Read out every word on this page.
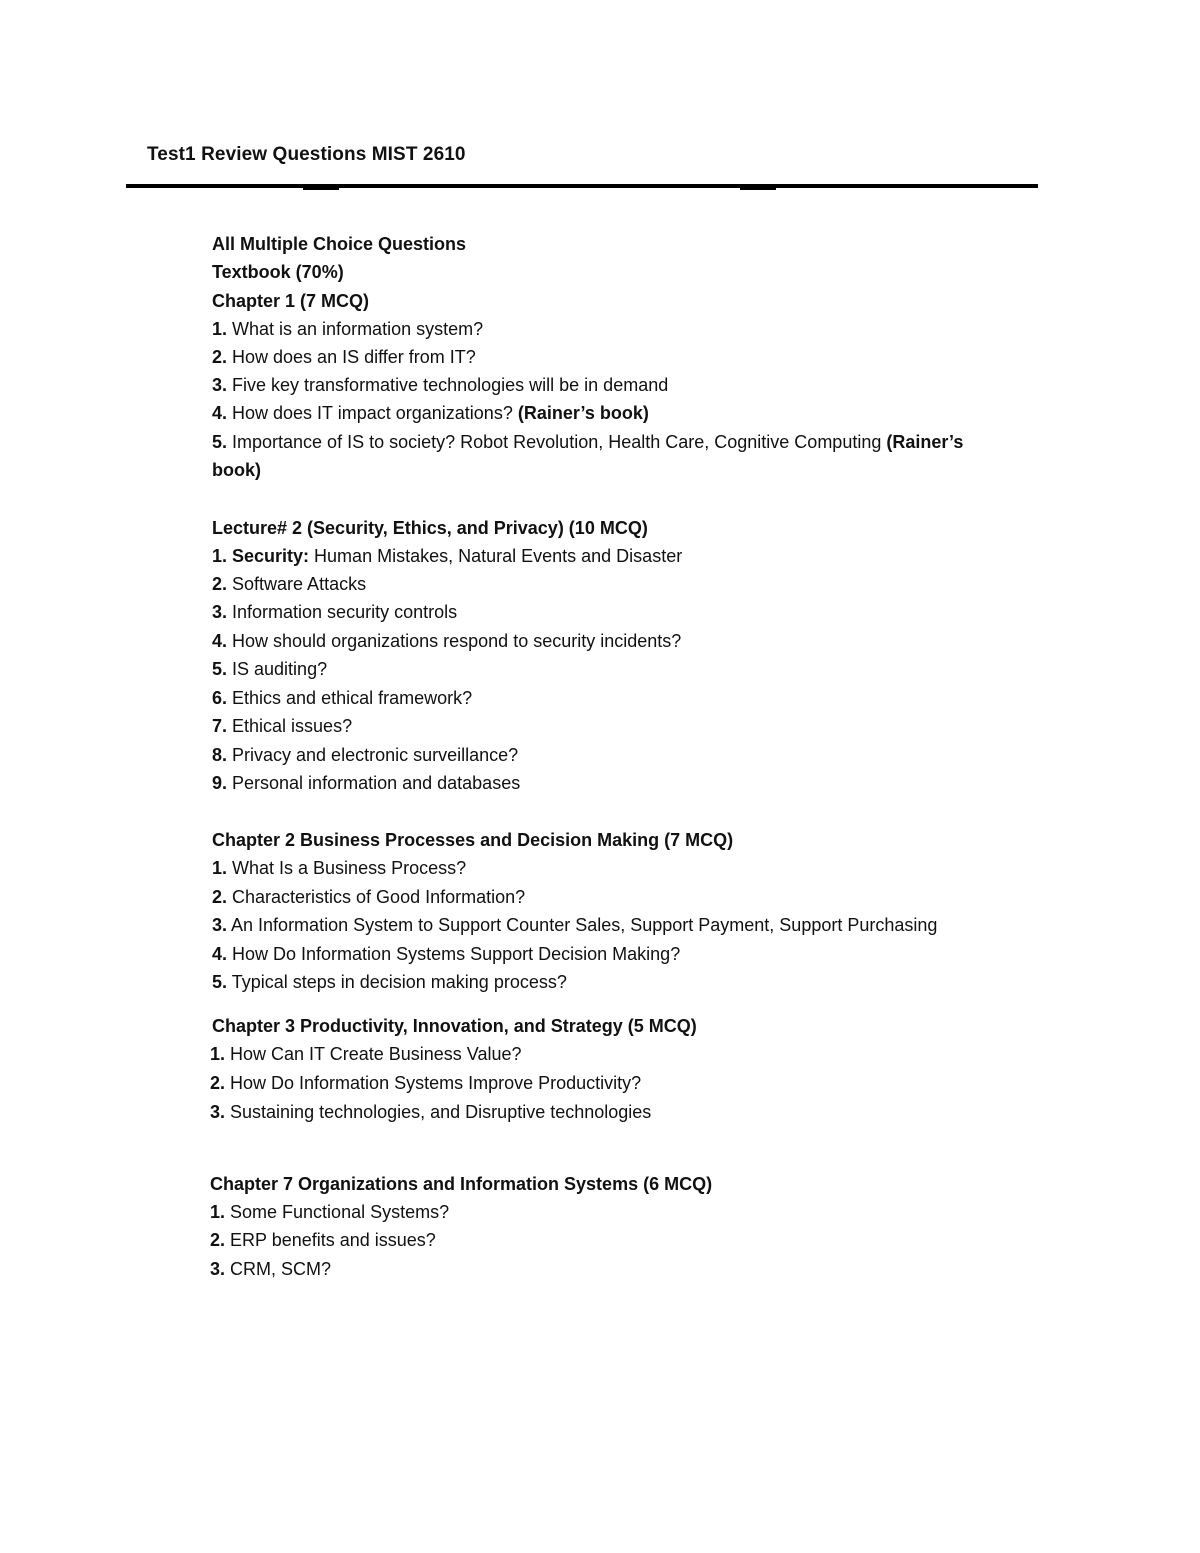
Test1 Review Questions MIST 2610
All Multiple Choice Questions
Textbook (70%)
Chapter 1 (7 MCQ)
1. What is an information system?
2. How does an IS differ from IT?
3. Five key transformative technologies will be in demand
4. How does IT impact organizations? (Rainer’s book)
5. Importance of IS to society? Robot Revolution, Health Care, Cognitive Computing (Rainer’s
book)
Lecture# 2 (Security, Ethics, and Privacy) (10 MCQ)
1. Security: Human Mistakes, Natural Events and Disaster
2. Software Attacks
3. Information security controls
4. How should organizations respond to security incidents?
5. IS auditing?
6. Ethics and ethical framework?
7. Ethical issues?
8. Privacy and electronic surveillance?
9. Personal information and databases
Chapter 2 Business Processes and Decision Making (7 MCQ)
1. What Is a Business Process?
2. Characteristics of Good Information?
3. An Information System to Support Counter Sales, Support Payment, Support Purchasing
4. How Do Information Systems Support Decision Making?
5. Typical steps in decision making process?
Chapter 3 Productivity, Innovation, and Strategy (5 MCQ)
1. How Can IT Create Business Value?
2. How Do Information Systems Improve Productivity?
3. Sustaining technologies, and Disruptive technologies
Chapter 7 Organizations and Information Systems (6 MCQ)
1. Some Functional Systems?
2. ERP benefits and issues?
3. CRM, SCM?
